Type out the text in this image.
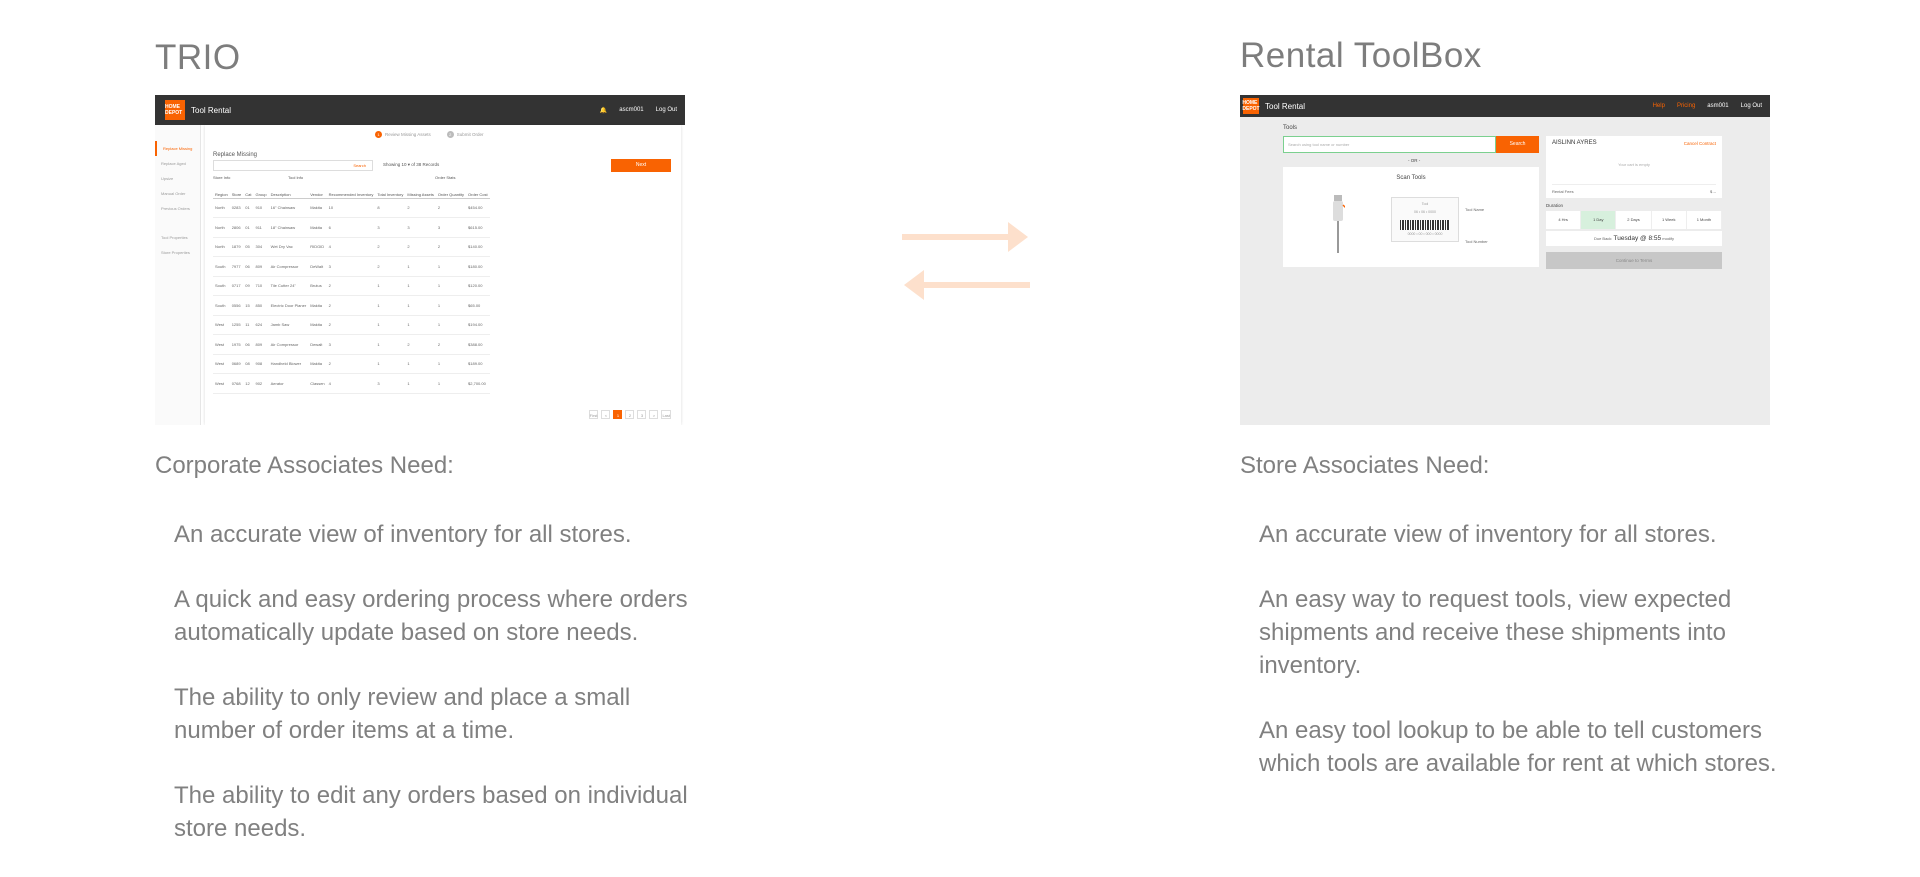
TRIO
HOME DEPOT	Tool Rental	🔔 ascm001 Log Out
Replace Missing
Replace Aged
Upsize
Manual Order
Previous Orders
Tool Properties
Store Properties
1 Review Missing Assets	2 Submit Order
Replace Missing
Search	Showing 10 ▾ of 38 Records	Next
Store Info	Tool Info	Order Stats
Region	Store	Cat	Group	Description	Vendor	Recommended Inventory	Total Inventory	Missing Assets	Order Quantity	Order Cost
North	0283	01	910	16" Chainsaw	Makita	10	8	2	2	$454.00
North	2806	01	911	18" Chainsaw	Makita	6	3	3	3	$615.00
North	1879	05	304	Wet Dry Vac	RIDGID	4	2	2	2	$140.00
South	7977	06	809	Air Compressor	DeWalt	3	2	1	1	$180.00
South	0717	09	710	Tile Cutter 24"	Brutus	2	1	1	1	$120.00
South	0556	15	850	Electric Door Planer	Makita	2	1	1	1	$65.00
West	1255	11	624	Jamb Saw	Makita	2	1	1	1	$194.00
West	1975	06	809	Air Compressor	Dewalt	3	1	2	2	$388.00
West	0689	08	908	Handheld Blower	Makita	2	1	1	1	$189.00
West	0768	12	902	Aerator	Classen	4	3	1	1	$2,700.00
First	<	1	2	3	>	Last
Corporate Associates Need:
An accurate view of inventory for all stores.
A quick and easy ordering process where orders automatically update based on store needs.
The ability to only review and place a small number of order items at a time.
The ability to edit any orders based on individual store needs.
Rental ToolBox
HOME DEPOT Tool Rental	Help Pricing asm001 Log Out
Tools
Search using tool name or number	Search
- OR -
Scan Tools
Tool
06 • 06 • 0000
0000 • 00 • 000 • 0000
Tool Name
Tool Number
AISLINN AYRES	Cancel Contract
Your cart is empty
Rental Fees	$ --
Duration
4 Hrs	1 Day	2 Days	1 Week	1 Month
Due Back: Tuesday @ 8:55 modify
Continue to Terms
Store Associates Need:
An accurate view of inventory for all stores.
An easy way to request tools, view expected shipments and receive these shipments into inventory.
An easy tool lookup to be able to tell customers which tools are available for rent at which stores.
